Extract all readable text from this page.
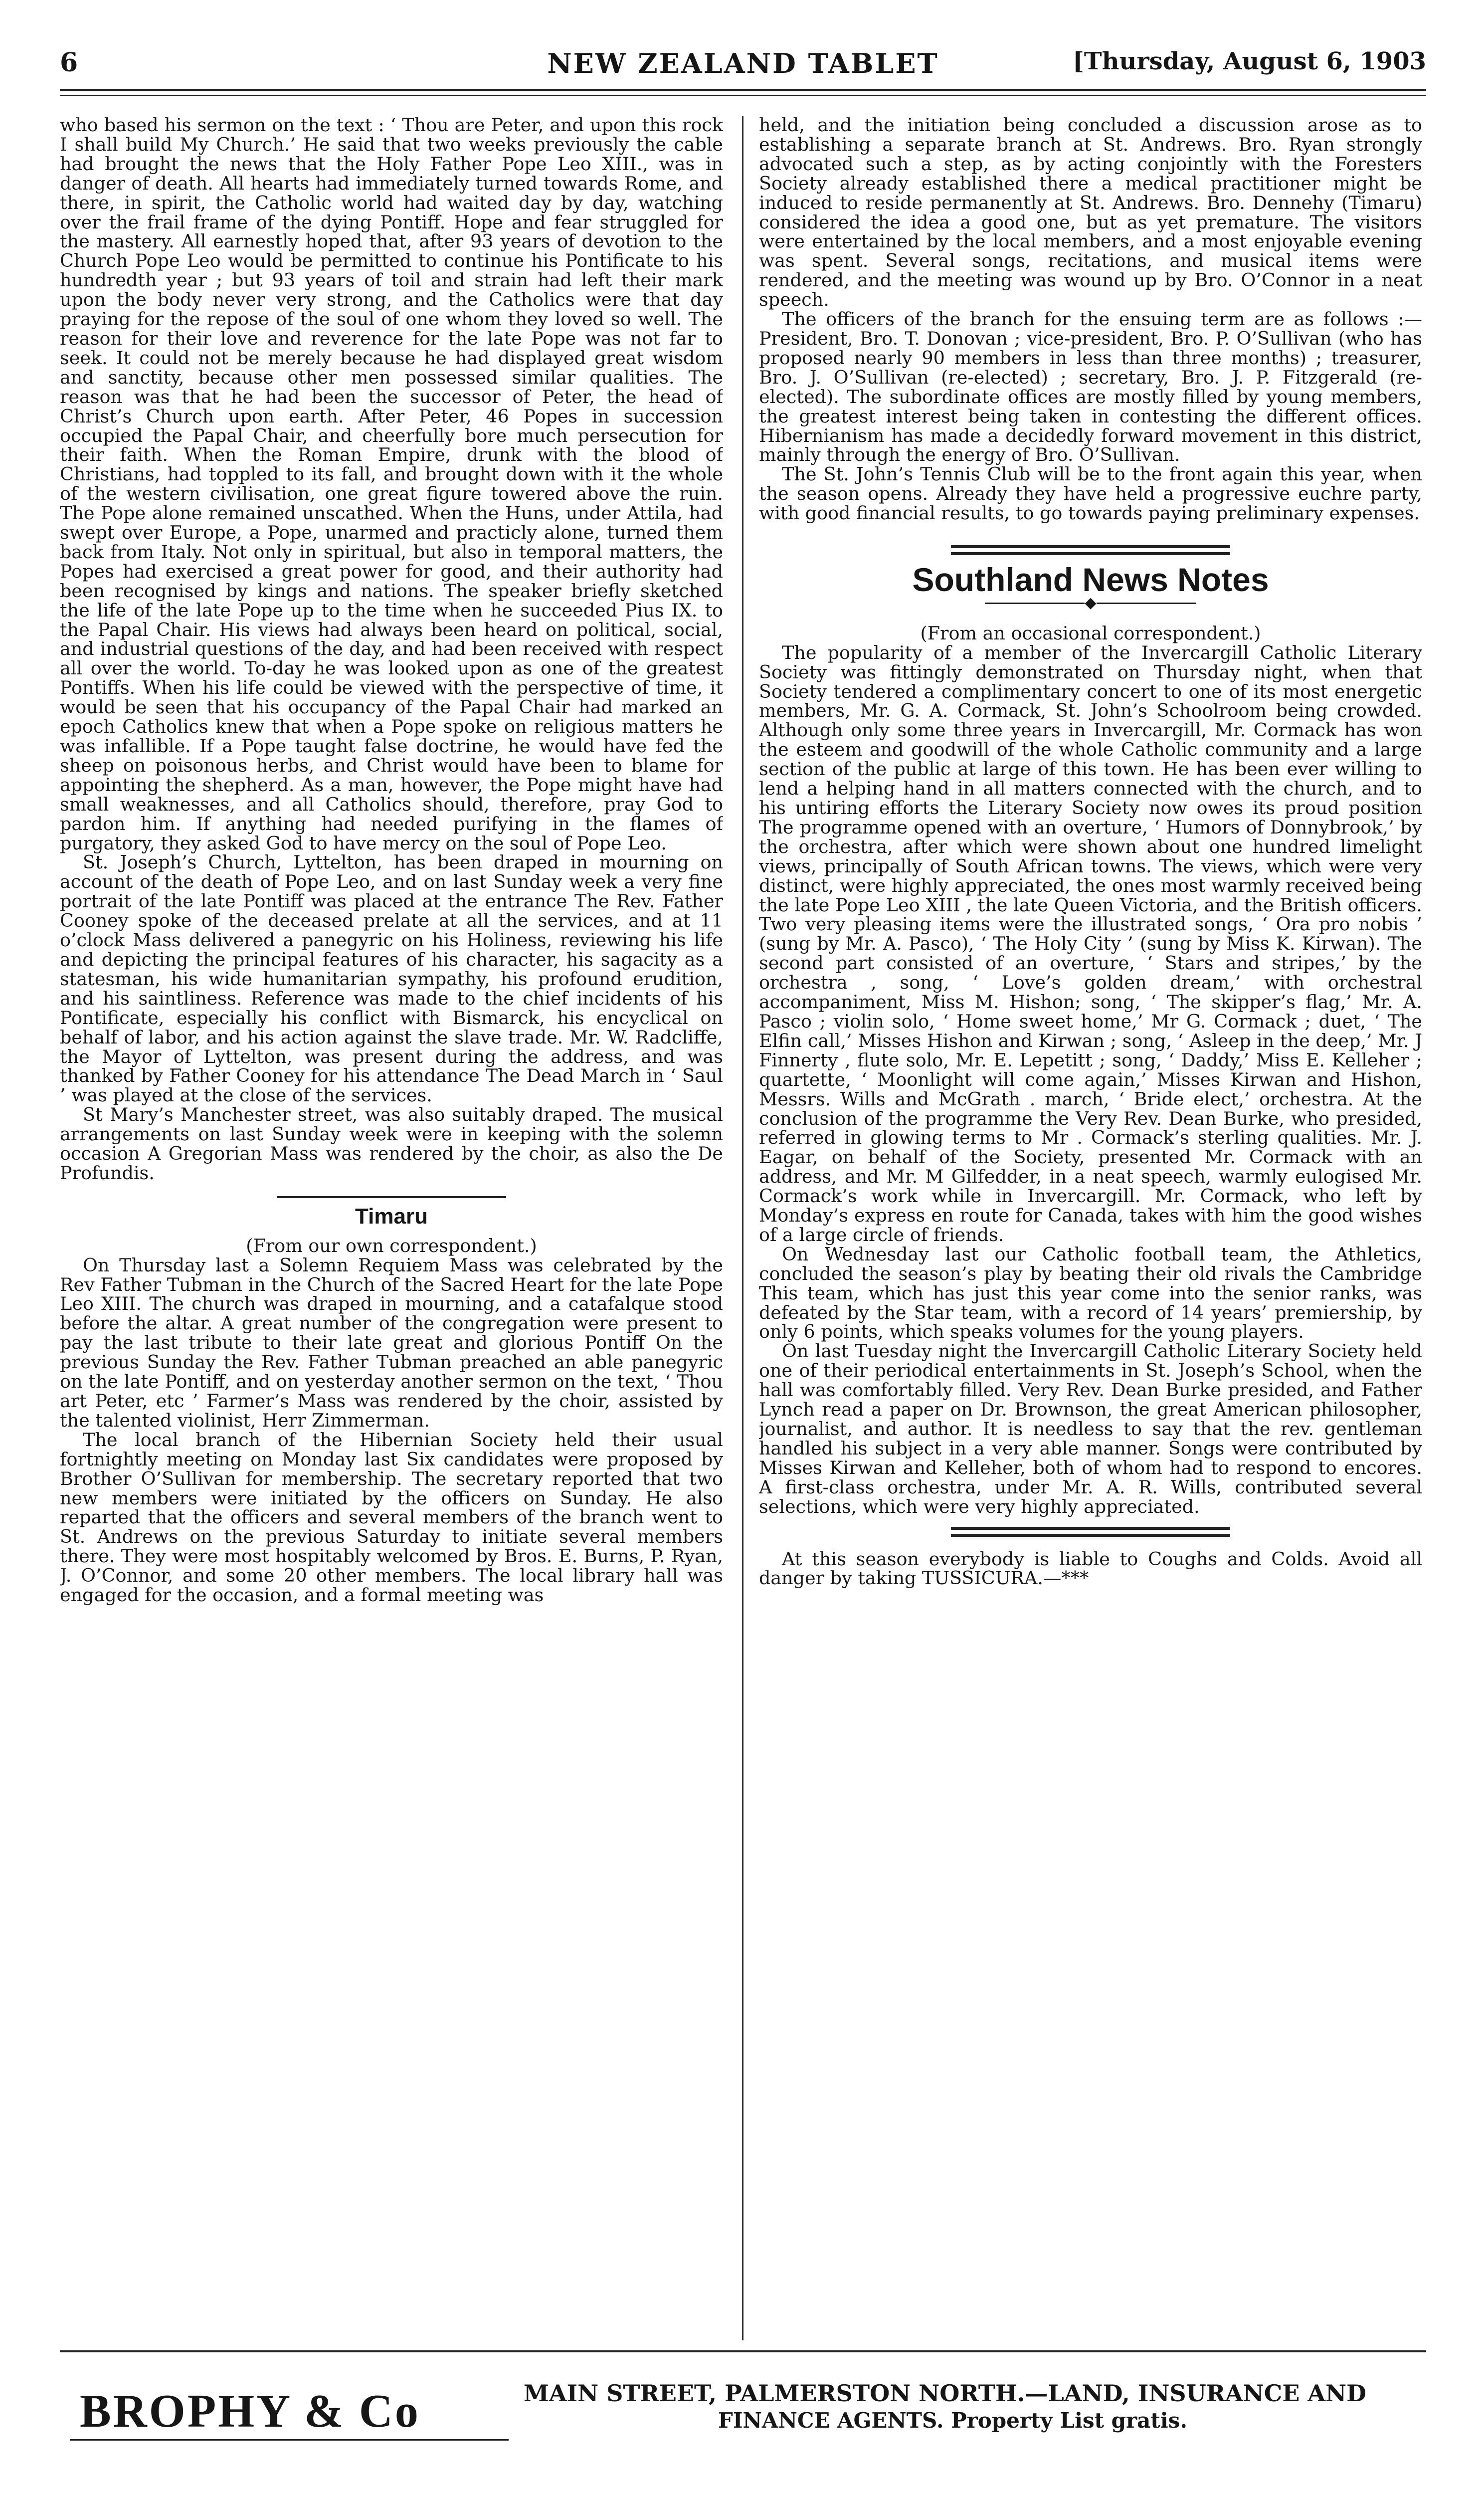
6	NEW ZEALAND TABLET	[Thursday, August 6, 1903

who based his sermon on the text : ‘ Thou are Peter, and upon this rock I shall build My Church.’ He said that two weeks previously the cable had brought the news that the Holy Father Pope Leo XIII., was in danger of death. All hearts had immediately turned towards Rome, and there, in spirit, the Catholic world had waited day by day, watching over the frail frame of the dying Pontiff. Hope and fear struggled for the mastery. All earnestly hoped that, after 93 years of devotion to the Church Pope Leo would be permitted to continue his Pontificate to his hundredth year ; but 93 years of toil and strain had left their mark upon the body never very strong, and the Catholics were that day praying for the repose of the soul of one whom they loved so well. The reason for their love and reverence for the late Pope was not far to seek. It could not be merely because he had displayed great wisdom and sanctity, because other men possessed similar qualities. The reason was that he had been the successor of Peter, the head of Christ’s Church upon earth. After Peter, 46 Popes in succession occupied the Papal Chair, and cheerfully bore much persecution for their faith. When the Roman Empire, drunk with the blood of Christians, had toppled to its fall, and brought down with it the whole of the western civilisation, one great figure towered above the ruin. The Pope alone remained unscathed. When the Huns, under Attila, had swept over Europe, a Pope, unarmed and practicly alone, turned them back from Italy. Not only in spiritual, but also in temporal matters, the Popes had exercised a great power for good, and their authority had been recognised by kings and nations. The speaker briefly sketched the life of the late Pope up to the time when he succeeded Pius IX. to the Papal Chair. His views had always been heard on political, social, and industrial questions of the day, and had been received with respect all over the world. To-day he was looked upon as one of the greatest Pontiffs. When his life could be viewed with the perspective of time, it would be seen that his occupancy of the Papal Chair had marked an epoch Catholics knew that when a Pope spoke on religious matters he was infallible. If a Pope taught false doctrine, he would have fed the sheep on poisonous herbs, and Christ would have been to blame for appointing the shepherd. As a man, however, the Pope might have had small weaknesses, and all Catholics should, therefore, pray God to pardon him. If anything had needed purifying in the flames of purgatory, they asked God to have mercy on the soul of Pope Leo.

St. Joseph’s Church, Lyttelton, has been draped in mourning on account of the death of Pope Leo, and on last Sunday week a very fine portrait of the late Pontiff was placed at the entrance The Rev. Father Cooney spoke of the deceased prelate at all the services, and at 11 o’clock Mass delivered a panegyric on his Holiness, reviewing his life and depicting the principal features of his character, his sagacity as a statesman, his wide humanitarian sympathy, his profound erudition, and his saintliness. Reference was made to the chief incidents of his Pontificate, especially his conflict with Bismarck, his encyclical on behalf of labor, and his action against the slave trade. Mr. W. Radcliffe, the Mayor of Lyttelton, was present during the address, and was thanked by Father Cooney for his attendance The Dead March in ‘ Saul ’ was played at the close of the services.

St Mary’s Manchester street, was also suitably draped. The musical arrangements on last Sunday week were in keeping with the solemn occasion A Gregorian Mass was rendered by the choir, as also the De Profundis.

Timaru

(From our own correspondent.)

On Thursday last a Solemn Requiem Mass was celebrated by the Rev Father Tubman in the Church of the Sacred Heart for the late Pope Leo XIII. The church was draped in mourning, and a catafalque stood before the altar. A great number of the congregation were present to pay the last tribute to their late great and glorious Pontiff On the previous Sunday the Rev. Father Tubman preached an able panegyric on the late Pontiff, and on yesterday another sermon on the text, ‘ Thou art Peter, etc ’ Farmer’s Mass was rendered by the choir, assisted by the talented violinist, Herr Zimmerman.

The local branch of the Hibernian Society held their usual fortnightly meeting on Monday last Six candidates were proposed by Brother O’Sullivan for membership. The secretary reported that two new members were initiated by the officers on Sunday. He also reparted that the officers and several members of the branch went to St. Andrews on the previous Saturday to initiate several members there. They were most hospitably welcomed by Bros. E. Burns, P. Ryan, J. O’Connor, and some 20 other members. The local library hall was engaged for the occasion, and a formal meeting was

held, and the initiation being concluded a discussion arose as to establishing a separate branch at St. Andrews. Bro. Ryan strongly advocated such a step, as by acting conjointly with the Foresters Society already established there a medical practitioner might be induced to reside permanently at St. Andrews. Bro. Dennehy (Timaru) considered the idea a good one, but as yet premature. The visitors were entertained by the local members, and a most enjoyable evening was spent. Several songs, recitations, and musical items were rendered, and the meeting was wound up by Bro. O’Connor in a neat speech.

The officers of the branch for the ensuing term are as follows :—President, Bro. T. Donovan ; vice-president, Bro. P. O’Sullivan (who has proposed nearly 90 members in less than three months) ; treasurer, Bro. J. O’Sullivan (re-elected) ; secretary, Bro. J. P. Fitzgerald (re-elected). The subordinate offices are mostly filled by young members, the greatest interest being taken in contesting the different offices. Hibernianism has made a decidedly forward movement in this district, mainly through the energy of Bro. O’Sullivan.

The St. John’s Tennis Club will be to the front again this year, when the season opens. Already they have held a progressive euchre party, with good financial results, to go towards paying preliminary expenses.

Southland News Notes
◆

(From an occasional correspondent.)

The popularity of a member of the Invercargill Catholic Literary Society was fittingly demonstrated on Thursday night, when that Society tendered a complimentary concert to one of its most energetic members, Mr. G. A. Cormack, St. John’s Schoolroom being crowded. Although only some three years in Invercargill, Mr. Cormack has won the esteem and goodwill of the whole Catholic community and a large section of the public at large of this town. He has been ever willing to lend a helping hand in all matters connected with the church, and to his untiring efforts the Literary Society now owes its proud position The programme opened with an overture, ‘ Humors of Donnybrook,’ by the orchestra, after which were shown about one hundred limelight views, principally of South African towns. The views, which were very distinct, were highly appreciated, the ones most warmly received being the late Pope Leo XIII , the late Queen Victoria, and the British officers. Two very pleasing items were the illustrated songs, ‘ Ora pro nobis ’ (sung by Mr. A. Pasco), ‘ The Holy City ’ (sung by Miss K. Kirwan). The second part consisted of an overture, ‘ Stars and stripes,’ by the orchestra , song, ‘ Love’s golden dream,’ with orchestral accompaniment, Miss M. Hishon; song, ‘ The skipper’s flag,’ Mr. A. Pasco ; violin solo, ‘ Home sweet home,’ Mr G. Cormack ; duet, ‘ The Elfin call,’ Misses Hishon and Kirwan ; song, ‘ Asleep in the deep,’ Mr. J Finnerty , flute solo, Mr. E. Lepetitt ; song, ‘ Daddy,’ Miss E. Kelleher ; quartette, ‘ Moonlight will come again,’ Misses Kirwan and Hishon, Messrs. Wills and McGrath . march, ‘ Bride elect,’ orchestra. At the conclusion of the programme the Very Rev. Dean Burke, who presided, referred in glowing terms to Mr . Cormack’s sterling qualities. Mr. J. Eagar, on behalf of the Society, presented Mr. Cormack with an address, and Mr. M Gilfedder, in a neat speech, warmly eulogised Mr. Cormack’s work while in Invercargill. Mr. Cormack, who left by Monday’s express en route for Canada, takes with him the good wishes of a large circle of friends.

On Wednesday last our Catholic football team, the Athletics, concluded the season’s play by beating their old rivals the Cambridge This team, which has just this year come into the senior ranks, was defeated by the Star team, with a record of 14 years’ premiership, by only 6 points, which speaks volumes for the young players.

On last Tuesday night the Invercargill Catholic Literary Society held one of their periodical entertainments in St. Joseph’s School, when the hall was comfortably filled. Very Rev. Dean Burke presided, and Father Lynch read a paper on Dr. Brownson, the great American philosopher, journalist, and author. It is needless to say that the rev. gentleman handled his subject in a very able manner. Songs were contributed by Misses Kirwan and Kelleher, both of whom had to respond to encores. A first-class orchestra, under Mr. A. R. Wills, contributed several selections, which were very highly appreciated.

At this season everybody is liable to Coughs and Colds. Avoid all danger by taking TUSSICURA.—***

BROPHY & Co	MAIN STREET, PALMERSTON NORTH.—LAND, INSURANCE AND
FINANCE AGENTS. Property List gratis.
